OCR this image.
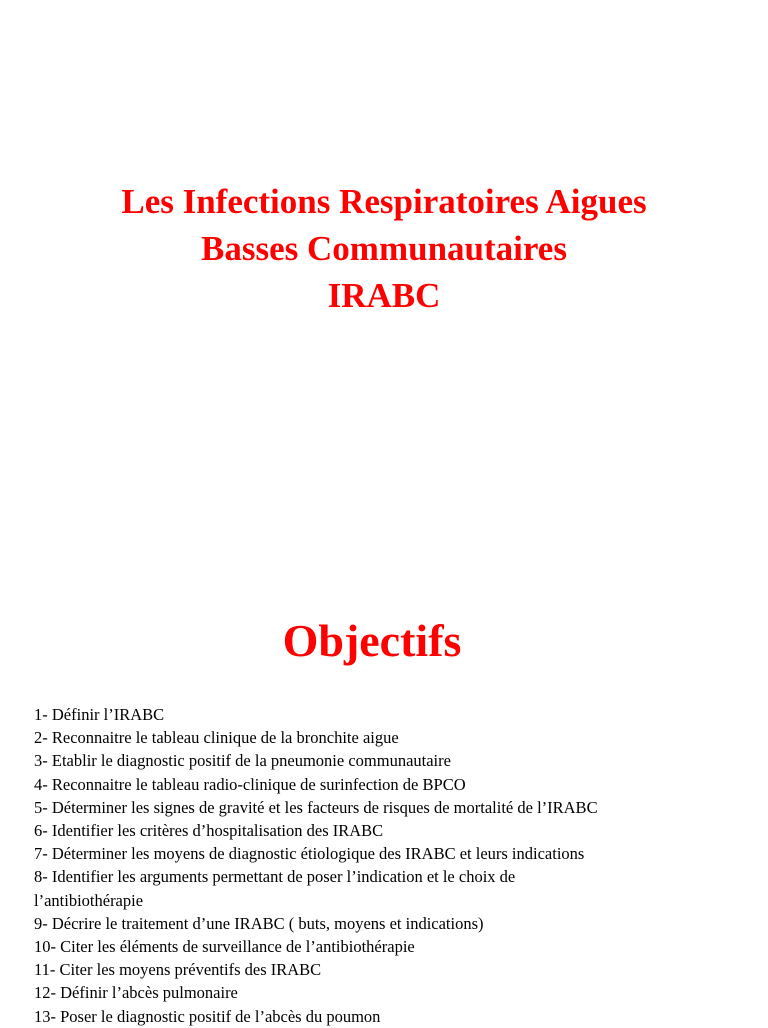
Les Infections Respiratoires Aigues
Basses Communautaires
IRABC
Objectifs
1- Définir l’IRABC
2- Reconnaitre le tableau clinique de la bronchite aigue
3- Etablir le diagnostic positif de la pneumonie communautaire
4- Reconnaitre le tableau radio-clinique de surinfection de BPCO
5- Déterminer les signes de gravité et les facteurs de risques de mortalité de l’IRABC
6- Identifier les critères d’hospitalisation des IRABC
7- Déterminer les moyens de diagnostic étiologique des IRABC et leurs indications
8- Identifier les arguments permettant de poser l’indication et le choix de l’antibiothérapie
9- Décrire le traitement d’une IRABC ( buts, moyens et indications)
10- Citer les éléments de surveillance de l’antibiothérapie
11- Citer les moyens préventifs des IRABC
12- Définir l’abcès pulmonaire
13- Poser le diagnostic positif de l’abcès du poumon
